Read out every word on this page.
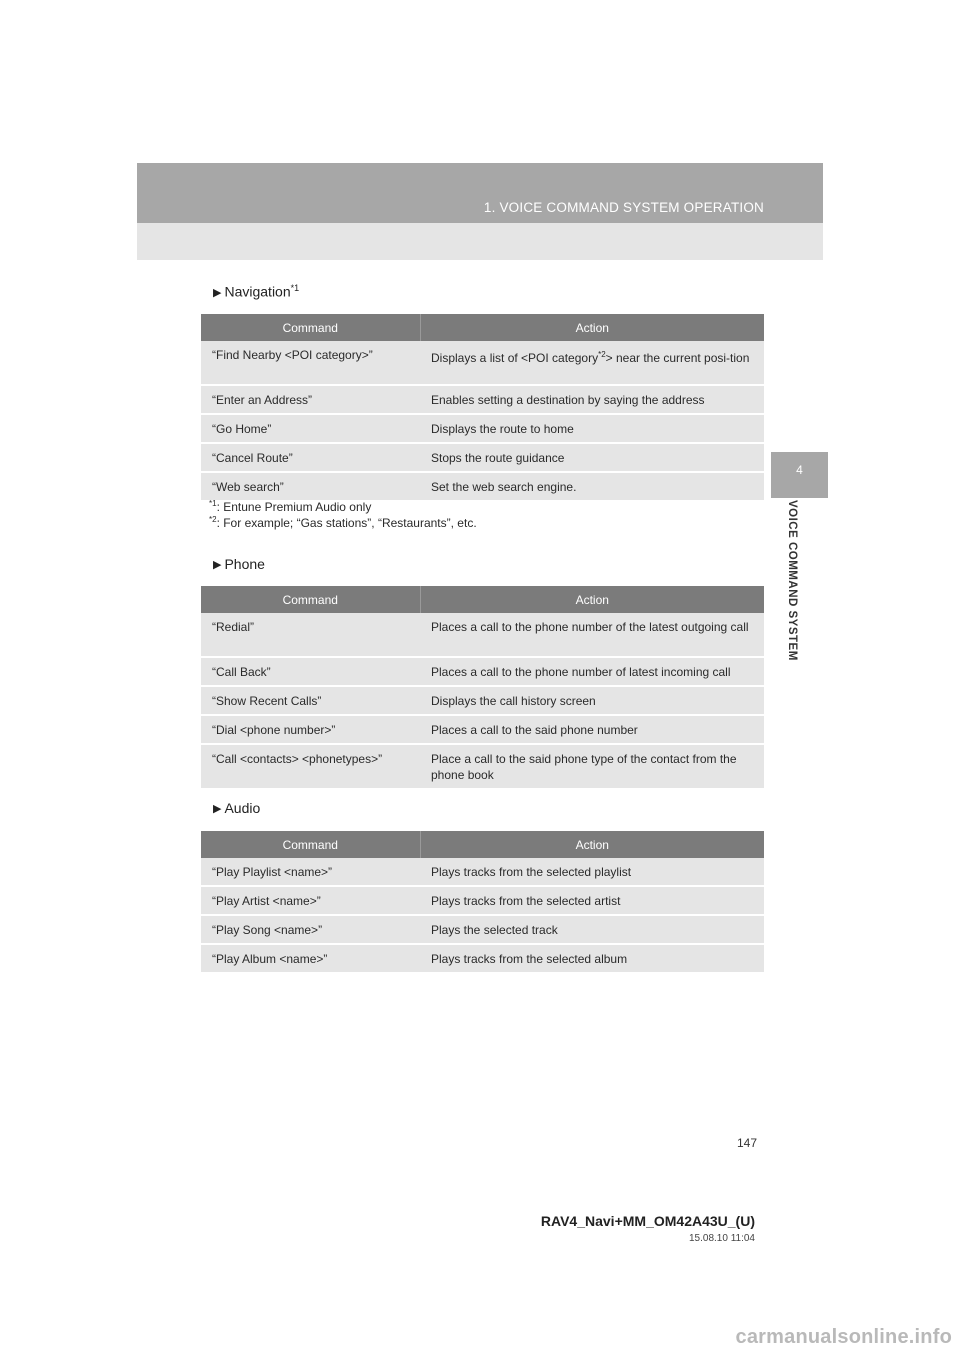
1. VOICE COMMAND SYSTEM OPERATION
4
VOICE COMMAND SYSTEM
▶ Navigation$^{*1}$
Command	Action
“Find Nearby <POI category>”	Displays a list of <POI category$^{*2}$> near the current posi-tion
“Enter an Address”	Enables setting a destination by saying the address
“Go Home”	Displays the route to home
“Cancel Route”	Stops the route guidance
“Web search”	Set the web search engine.
$^{*1}$: Entune Premium Audio only
$^{*2}$: For example; “Gas stations”, “Restaurants”, etc.
▶ Phone
Command	Action
“Redial”	Places a call to the phone number of the latest outgoing call
“Call Back”	Places a call to the phone number of latest incoming call
“Show Recent Calls”	Displays the call history screen
“Dial <phone number>”	Places a call to the said phone number
“Call <contacts> <phonetypes>”	Place a call to the said phone type of the contact from the phone book
▶ Audio
Command	Action
“Play Playlist <name>”	Plays tracks from the selected playlist
“Play Artist <name>”	Plays tracks from the selected artist
“Play Song <name>”	Plays the selected track
“Play Album <name>”	Plays tracks from the selected album
147
RAV4_Navi+MM_OM42A43U_(U)
15.08.10 11:04
carmanualsonline.info
